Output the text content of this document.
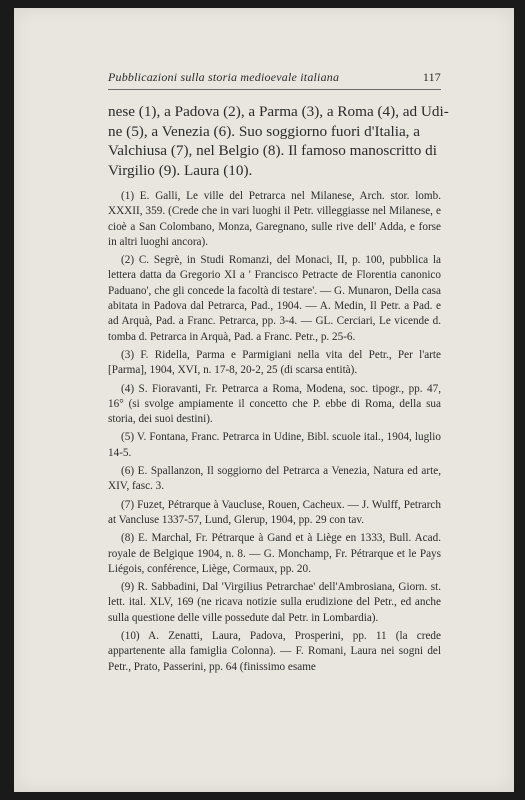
Pubblicazioni sulla storia medioevale italiana	117
nese (1), a Padova (2), a Parma (3), a Roma (4), ad Udi-
ne (5), a Venezia (6). Suo soggiorno fuori d'Italia, a
Valchiusa (7), nel Belgio (8). Il famoso manoscritto di
Virgilio (9). Laura (10).

(1) E. Galli, Le ville del Petrarca nel Milanese, Arch. stor. lomb. XXXII, 359. (Crede che in vari luoghi il Petr. villeggiasse nel Milanese, e cioè a San Colombano, Monza, Garegnano, sulle rive dell' Adda, e forse in altri luoghi ancora).

(2) C. Segrè, in Studi Romanzi, del Monaci, II, p. 100, pubblica la lettera datta da Gregorio XI a ' Francisco Petracte de Florentia canonico Paduano', che gli concede la facoltà di testare'. — G. Munaron, Della casa abitata in Padova dal Petrarca, Pad., 1904. — A. Medin, Il Petr. a Pad. e ad Arquà, Pad. a Franc. Petrarca, pp. 3-4. — GL. Cerciari, Le vicende d. tomba d. Petrarca in Arquà, Pad. a Franc. Petr., p. 25-6.

(3) F. Ridella, Parma e Parmigiani nella vita del Petr., Per l'arte [Parma], 1904, XVI, n. 17-8, 20-2, 25 (di scarsa entità).

(4) S. Fioravanti, Fr. Petrarca a Roma, Modena, soc. tipogr., pp. 47, 16° (si svolge ampiamente il concetto che P. ebbe di Roma, della sua storia, dei suoi destini).

(5) V. Fontana, Franc. Petrarca in Udine, Bibl. scuole ital., 1904, luglio 14-5.

(6) E. Spallanzon, Il soggiorno del Petrarca a Venezia, Natura ed arte, XIV, fasc. 3.

(7) Fuzet, Pétrarque à Vaucluse, Rouen, Cacheux. — J. Wulff, Petrarch at Vancluse 1337-57, Lund, Glerup, 1904, pp. 29 con tav.

(8) E. Marchal, Fr. Pétrarque à Gand et à Liège en 1333, Bull. Acad. royale de Belgique 1904, n. 8. — G. Monchamp, Fr. Pétrarque et le Pays Liégois, conférence, Liège, Cormaux, pp. 20.

(9) R. Sabbadini, Dal 'Virgilius Petrarchae' dell'Ambrosiana, Giorn. st. lett. ital. XLV, 169 (ne ricava notizie sulla erudizione del Petr., ed anche sulla questione delle ville possedute dal Petr. in Lombardia).

(10) A. Zenatti, Laura, Padova, Prosperini, pp. 11 (la crede appartenente alla famiglia Colonna). — F. Romani, Laura nei sogni del Petr., Prato, Passerini, pp. 64 (finissimo esame
